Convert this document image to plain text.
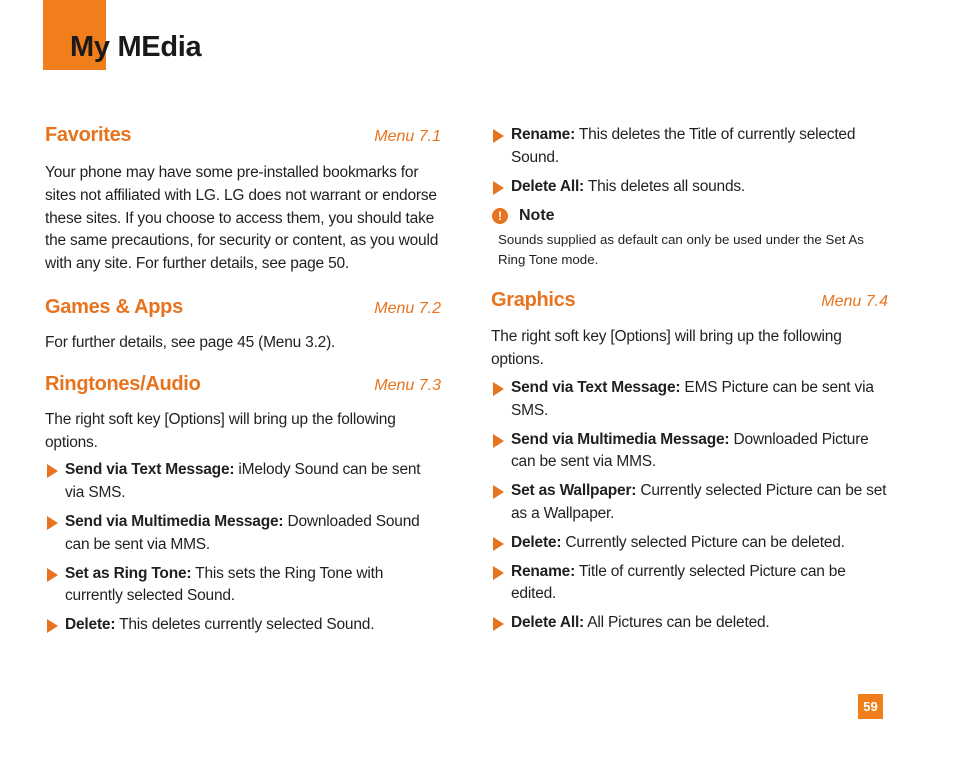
My MEdia
Favorites	Menu 7.1

Your phone may have some pre-installed bookmarks for sites not affiliated with LG. LG does not warrant or endorse these sites. If you choose to access them, you should take the same precautions, for security or content, as you would with any site. For further details, see page 50.

Games & Apps	Menu 7.2

For further details, see page 45 (Menu 3.2).

Ringtones/Audio	Menu 7.3

The right soft key [Options] will bring up the following options.

Send via Text Message: iMelody Sound can be sent via SMS.
Send via Multimedia Message: Downloaded Sound can be sent via MMS.
Set as Ring Tone: This sets the Ring Tone with currently selected Sound.
Delete: This deletes currently selected Sound.
Rename: This deletes the Title of currently selected Sound.
Delete All: This deletes all sounds.
!	Note

Sounds supplied as default can only be used under the Set As Ring Tone mode.

Graphics	Menu 7.4

The right soft key [Options] will bring up the following options.

Send via Text Message: EMS Picture can be sent via SMS.
Send via Multimedia Message: Downloaded Picture can be sent via MMS.
Set as Wallpaper: Currently selected Picture can be set as a Wallpaper.
Delete: Currently selected Picture can be deleted.
Rename: Title of currently selected Picture can be edited.
Delete All: All Pictures can be deleted.
59
